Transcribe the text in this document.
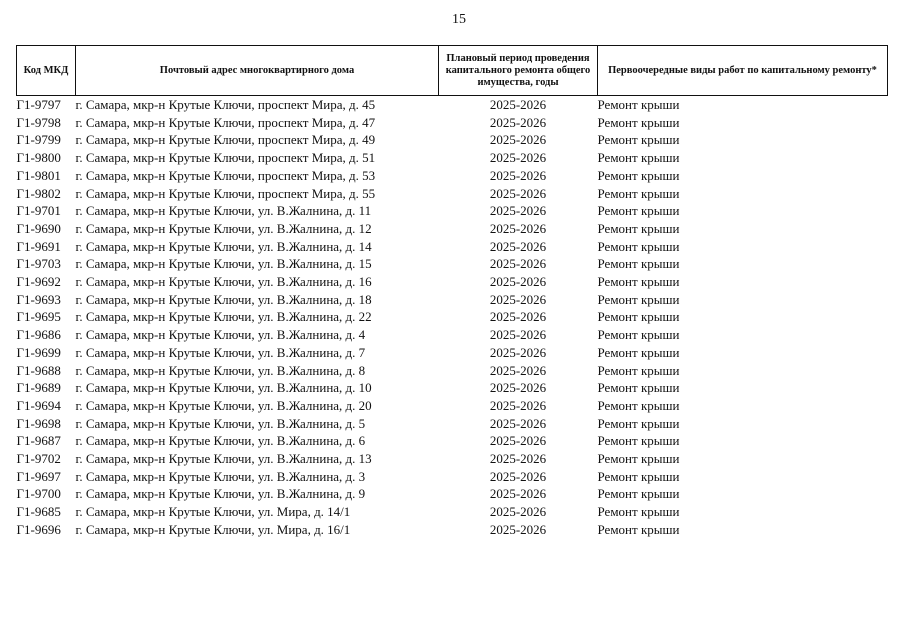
15
Код МКД	Почтовый адрес многоквартирного дома	Плановый период проведения капитального ремонта общего имущества, годы	Первоочередные виды работ по капитальному ремонту*
Г1-9797	г. Самара, мкр-н Крутые Ключи, проспект Мира, д. 45	2025-2026	Ремонт крыши
Г1-9798	г. Самара, мкр-н Крутые Ключи, проспект Мира, д. 47	2025-2026	Ремонт крыши
Г1-9799	г. Самара, мкр-н Крутые Ключи, проспект Мира, д. 49	2025-2026	Ремонт крыши
Г1-9800	г. Самара, мкр-н Крутые Ключи, проспект Мира, д. 51	2025-2026	Ремонт крыши
Г1-9801	г. Самара, мкр-н Крутые Ключи, проспект Мира, д. 53	2025-2026	Ремонт крыши
Г1-9802	г. Самара, мкр-н Крутые Ключи, проспект Мира, д. 55	2025-2026	Ремонт крыши
Г1-9701	г. Самара, мкр-н Крутые Ключи, ул. В.Жалнина, д. 11	2025-2026	Ремонт крыши
Г1-9690	г. Самара, мкр-н Крутые Ключи, ул. В.Жалнина, д. 12	2025-2026	Ремонт крыши
Г1-9691	г. Самара, мкр-н Крутые Ключи, ул. В.Жалнина, д. 14	2025-2026	Ремонт крыши
Г1-9703	г. Самара, мкр-н Крутые Ключи, ул. В.Жалнина, д. 15	2025-2026	Ремонт крыши
Г1-9692	г. Самара, мкр-н Крутые Ключи, ул. В.Жалнина, д. 16	2025-2026	Ремонт крыши
Г1-9693	г. Самара, мкр-н Крутые Ключи, ул. В.Жалнина, д. 18	2025-2026	Ремонт крыши
Г1-9695	г. Самара, мкр-н Крутые Ключи, ул. В.Жалнина, д. 22	2025-2026	Ремонт крыши
Г1-9686	г. Самара, мкр-н Крутые Ключи, ул. В.Жалнина, д. 4	2025-2026	Ремонт крыши
Г1-9699	г. Самара, мкр-н Крутые Ключи, ул. В.Жалнина, д. 7	2025-2026	Ремонт крыши
Г1-9688	г. Самара, мкр-н Крутые Ключи, ул. В.Жалнина, д. 8	2025-2026	Ремонт крыши
Г1-9689	г. Самара, мкр-н Крутые Ключи, ул. В.Жалнина, д. 10	2025-2026	Ремонт крыши
Г1-9694	г. Самара, мкр-н Крутые Ключи, ул. В.Жалнина, д. 20	2025-2026	Ремонт крыши
Г1-9698	г. Самара, мкр-н Крутые Ключи, ул. В.Жалнина, д. 5	2025-2026	Ремонт крыши
Г1-9687	г. Самара, мкр-н Крутые Ключи, ул. В.Жалнина, д. 6	2025-2026	Ремонт крыши
Г1-9702	г. Самара, мкр-н Крутые Ключи, ул. В.Жалнина, д. 13	2025-2026	Ремонт крыши
Г1-9697	г. Самара, мкр-н Крутые Ключи, ул. В.Жалнина, д. 3	2025-2026	Ремонт крыши
Г1-9700	г. Самара, мкр-н Крутые Ключи, ул. В.Жалнина, д. 9	2025-2026	Ремонт крыши
Г1-9685	г. Самара, мкр-н Крутые Ключи, ул. Мира, д. 14/1	2025-2026	Ремонт крыши
Г1-9696	г. Самара, мкр-н Крутые Ключи, ул. Мира, д. 16/1	2025-2026	Ремонт крыши
